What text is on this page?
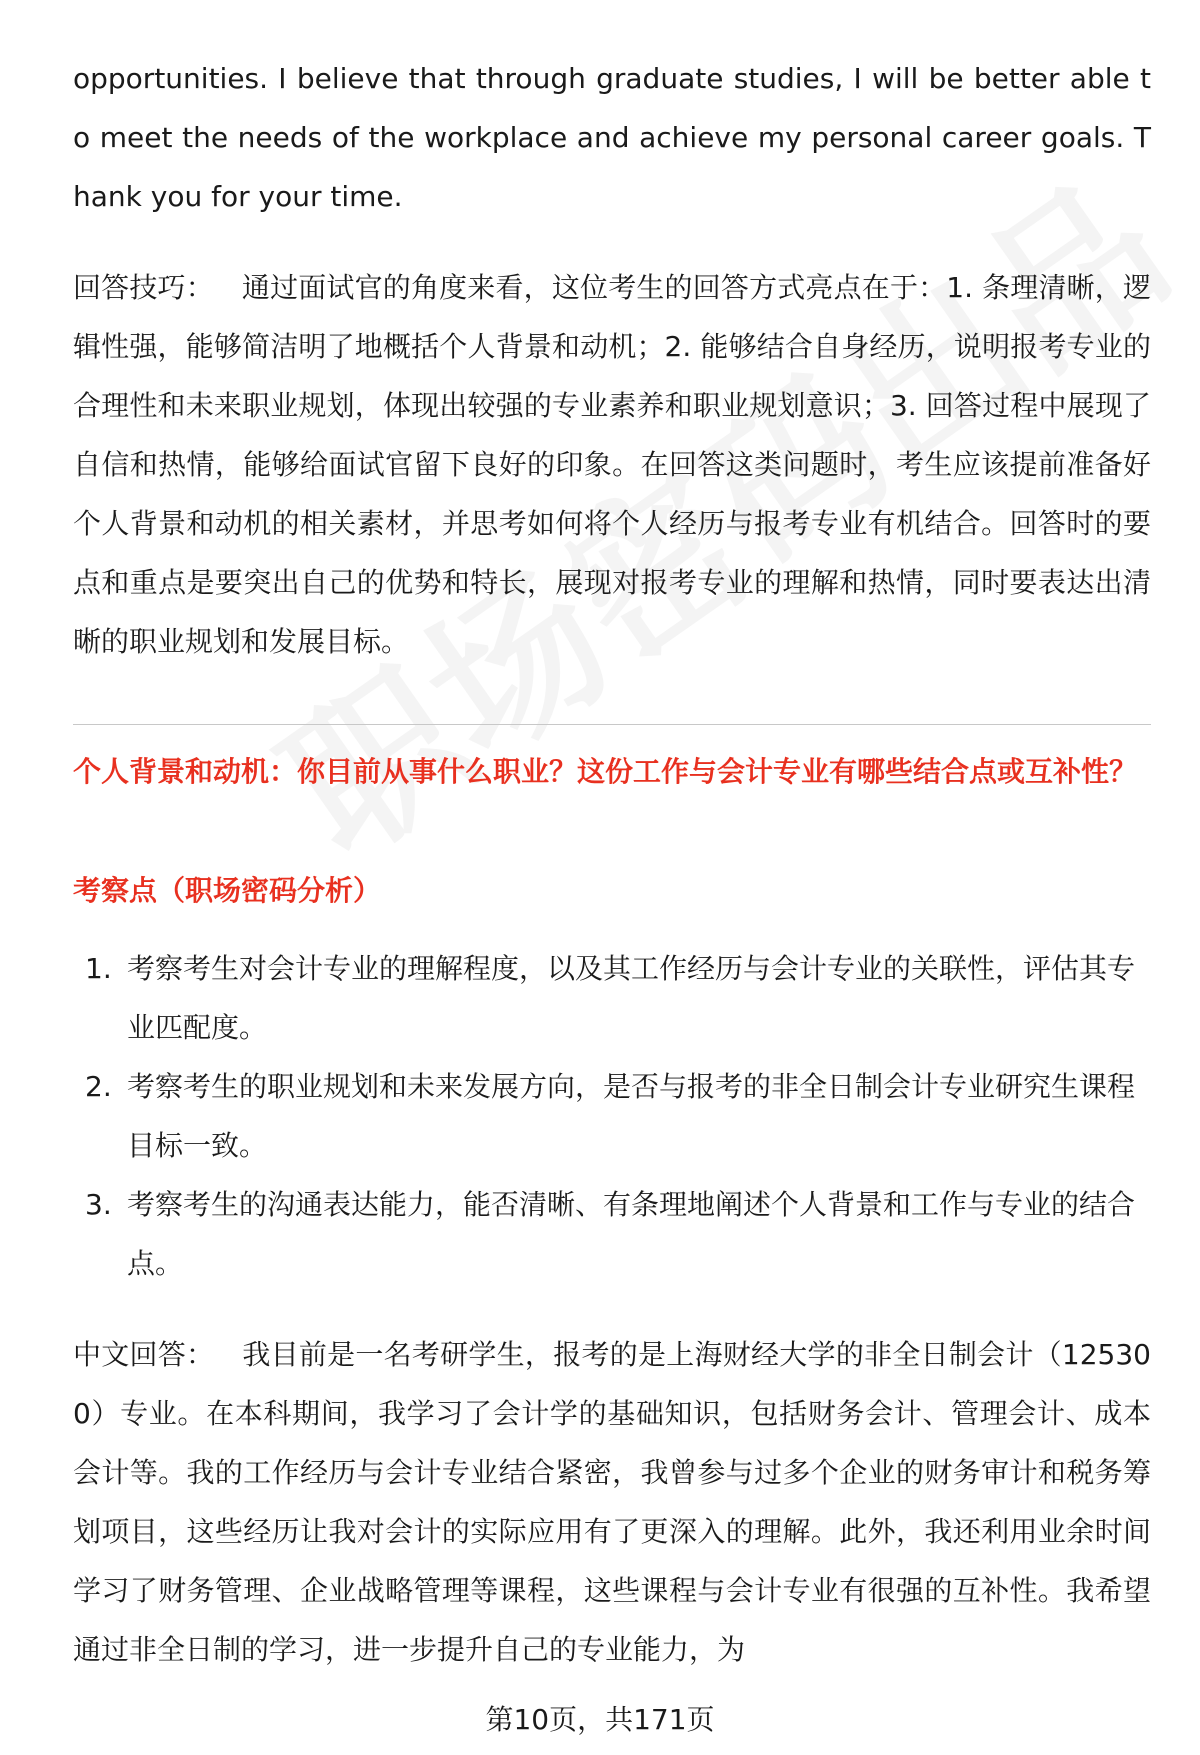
opportunities. I believe that through graduate studies, I will be better able to meet the needs of the workplace and achieve my personal career goals. Thank you for your time.

回答技巧： 通过面试官的角度来看，这位考生的回答方式亮点在于：1. 条理清晰，逻辑性强，能够简洁明了地概括个人背景和动机；2. 能够结合自身经历，说明报考专业的合理性和未来职业规划，体现出较强的专业素养和职业规划意识；3. 回答过程中展现了自信和热情，能够给面试官留下良好的印象。在回答这类问题时，考生应该提前准备好个人背景和动机的相关素材，并思考如何将个人经历与报考专业有机结合。回答时的要点和重点是要突出自己的优势和特长，展现对报考专业的理解和热情，同时要表达出清晰的职业规划和发展目标。

个人背景和动机：你目前从事什么职业？这份工作与会计专业有哪些结合点或互补性？

考察点（职场密码分析）

1. 考察考生对会计专业的理解程度，以及其工作经历与会计专业的关联性，评估其专业匹配度。
2. 考察考生的职业规划和未来发展方向，是否与报考的非全日制会计专业研究生课程目标一致。
3. 考察考生的沟通表达能力，能否清晰、有条理地阐述个人背景和工作与专业的结合点。

中文回答： 我目前是一名考研学生，报考的是上海财经大学的非全日制会计（125300）专业。在本科期间，我学习了会计学的基础知识，包括财务会计、管理会计、成本会计等。我的工作经历与会计专业结合紧密，我曾参与过多个企业的财务审计和税务筹划项目，这些经历让我对会计的实际应用有了更深入的理解。此外，我还利用业余时间学习了财务管理、企业战略管理等课程，这些课程与会计专业有很强的互补性。我希望通过非全日制的学习，进一步提升自己的专业能力，为

第10页，共171页
